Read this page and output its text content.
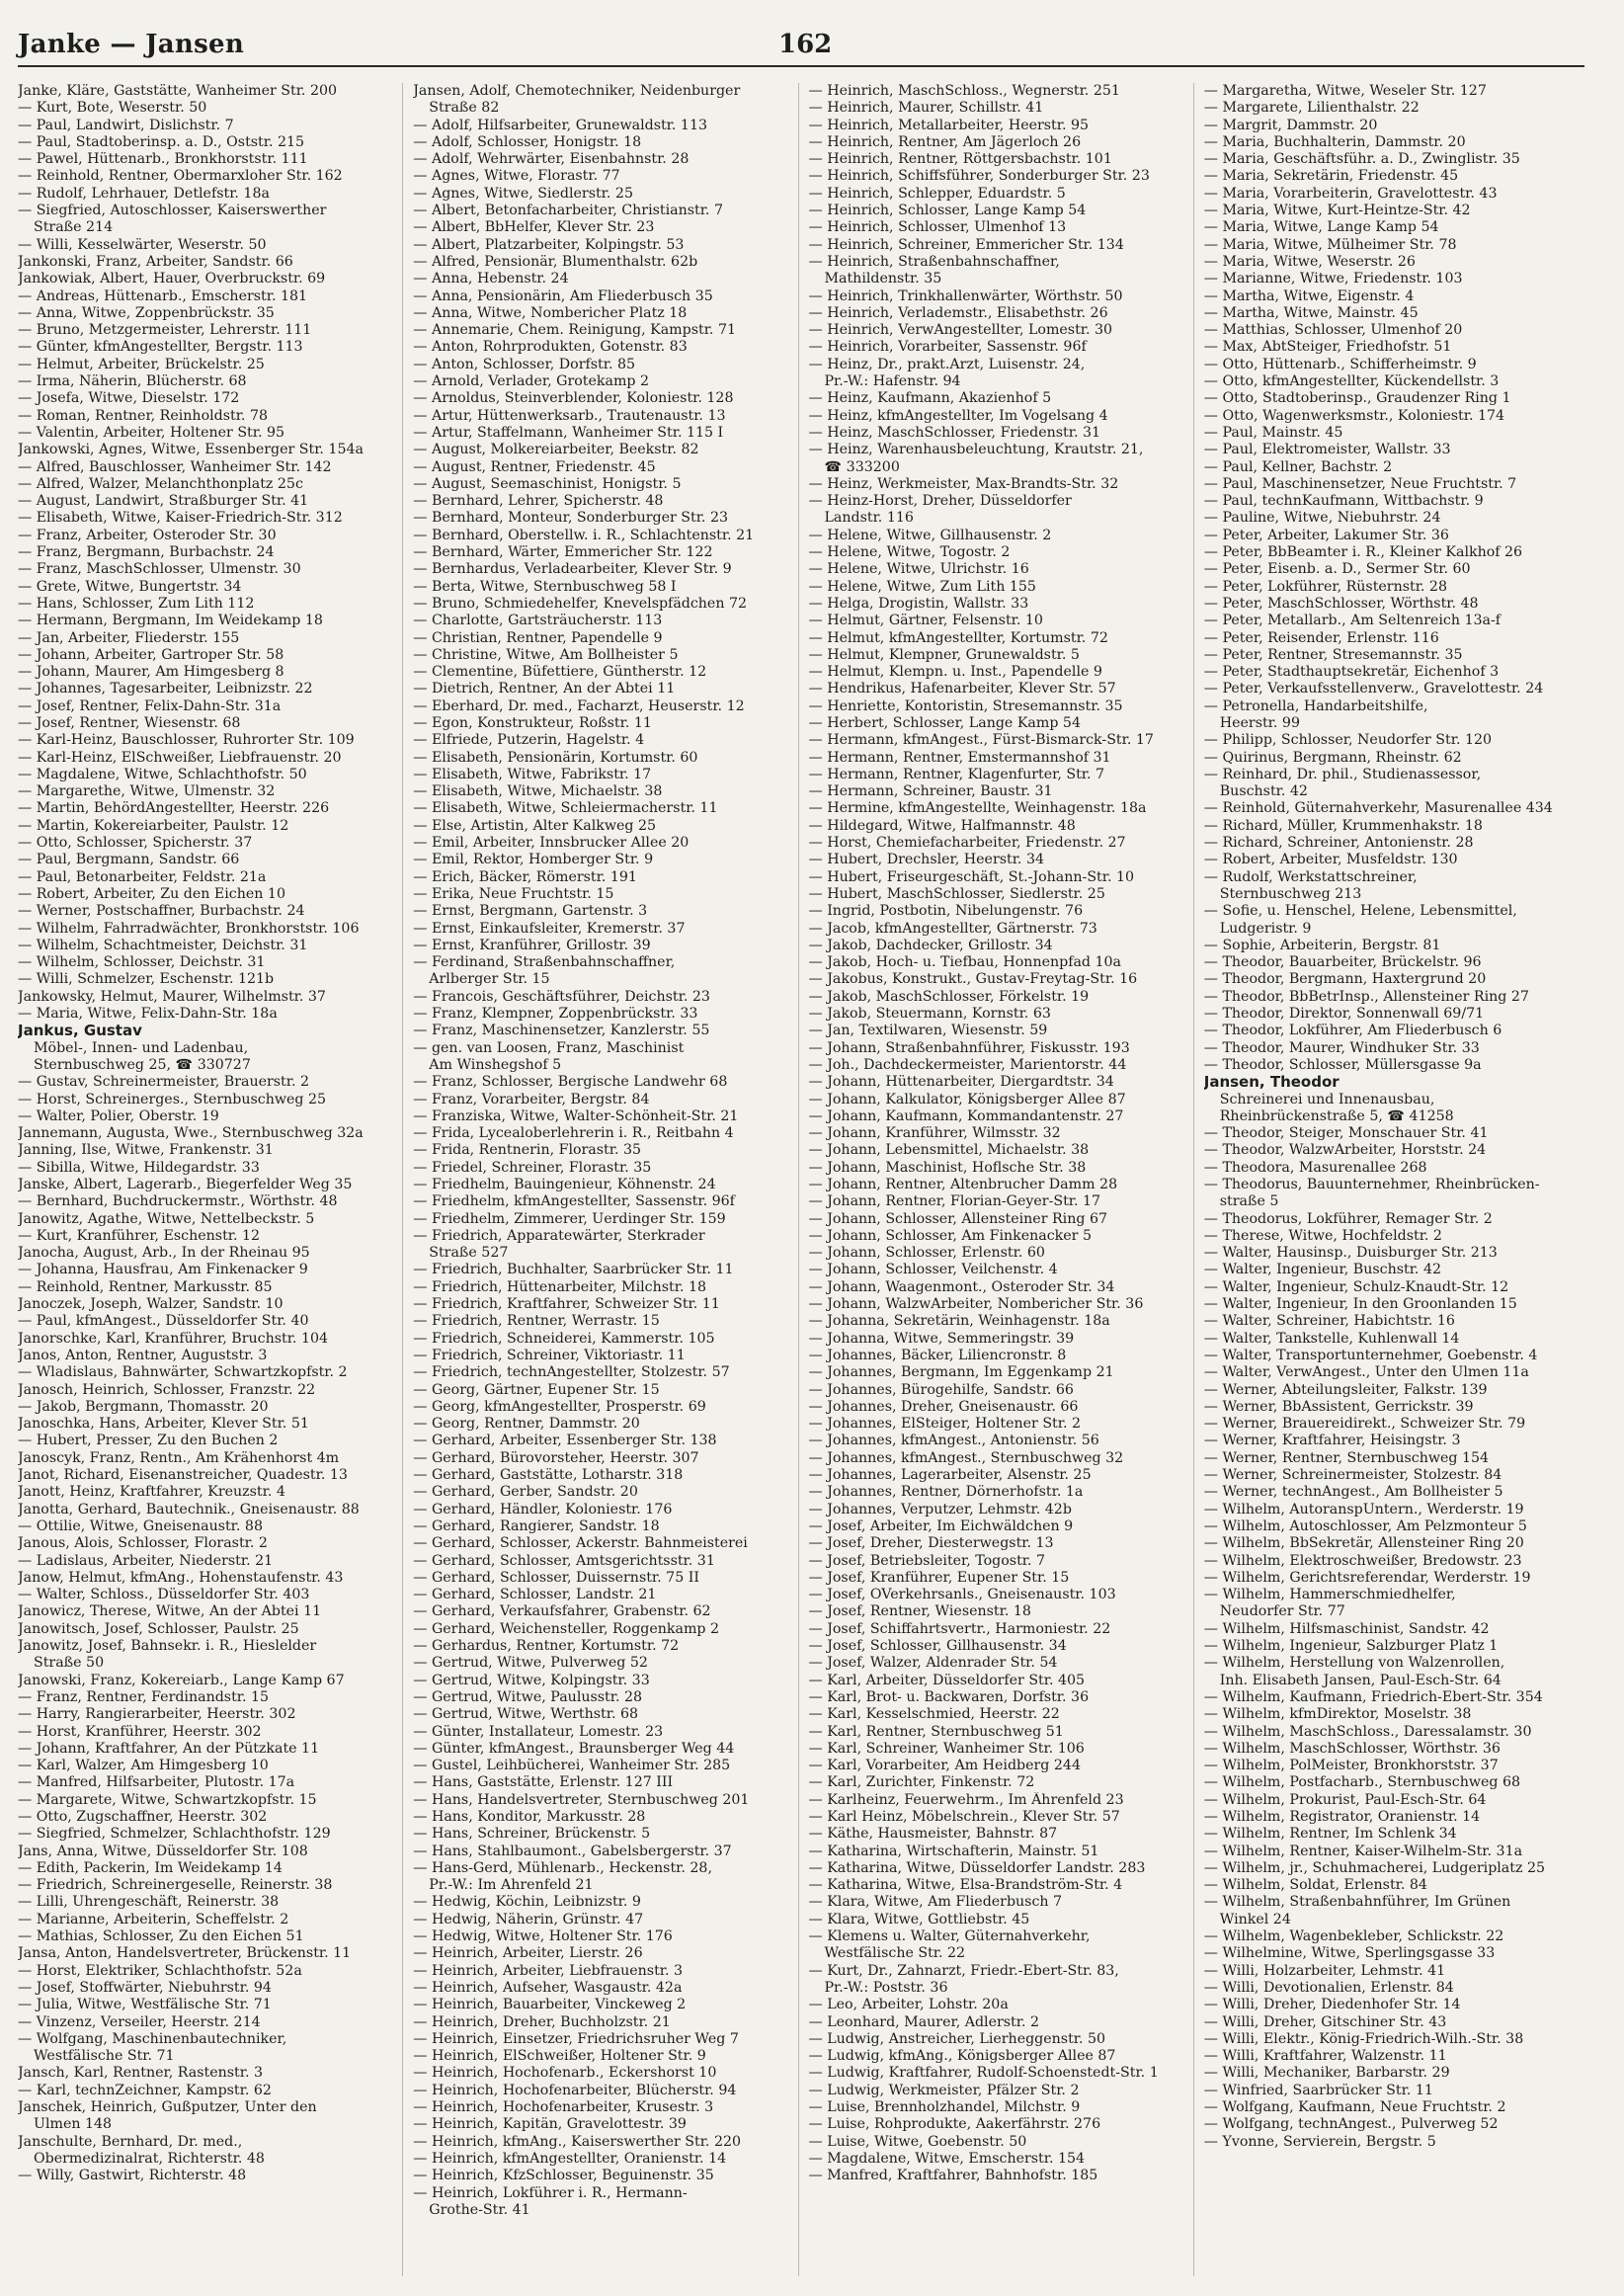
Janke — Jansen	162
Janke, Kläre, Gaststätte, Wanheimer Str. 200
— Kurt, Bote, Weserstr. 50
— Paul, Landwirt, Dislichstr. 7
— Paul, Stadtoberinsp. a. D., Oststr. 215
— Pawel, Hüttenarb., Bronkhorststr. 111
— Reinhold, Rentner, Obermarxloher Str. 162
— Rudolf, Lehrhauer, Detlefstr. 18a
— Siegfried, Autoschlosser, Kaiserswerther
Straße 214
— Willi, Kesselwärter, Weserstr. 50
Jankonski, Franz, Arbeiter, Sandstr. 66
Jankowiak, Albert, Hauer, Overbruckstr. 69
— Andreas, Hüttenarb., Emscherstr. 181
— Anna, Witwe, Zoppenbrückstr. 35
— Bruno, Metzgermeister, Lehrerstr. 111
— Günter, kfmAngestellter, Bergstr. 113
— Helmut, Arbeiter, Brückelstr. 25
— Irma, Näherin, Blücherstr. 68
— Josefa, Witwe, Dieselstr. 172
— Roman, Rentner, Reinholdstr. 78
— Valentin, Arbeiter, Holtener Str. 95
Jankowski, Agnes, Witwe, Essenberger Str. 154a
— Alfred, Bauschlosser, Wanheimer Str. 142
— Alfred, Walzer, Melanchthonplatz 25c
— August, Landwirt, Straßburger Str. 41
— Elisabeth, Witwe, Kaiser-Friedrich-Str. 312
— Franz, Arbeiter, Osteroder Str. 30
— Franz, Bergmann, Burbachstr. 24
— Franz, MaschSchlosser, Ulmenstr. 30
— Grete, Witwe, Bungertstr. 34
— Hans, Schlosser, Zum Lith 112
— Hermann, Bergmann, Im Weidekamp 18
— Jan, Arbeiter, Fliederstr. 155
— Johann, Arbeiter, Gartroper Str. 58
— Johann, Maurer, Am Himgesberg 8
— Johannes, Tagesarbeiter, Leibnizstr. 22
— Josef, Rentner, Felix-Dahn-Str. 31a
— Josef, Rentner, Wiesenstr. 68
— Karl-Heinz, Bauschlosser, Ruhrorter Str. 109
— Karl-Heinz, ElSchweißer, Liebfrauenstr. 20
— Magdalene, Witwe, Schlachthofstr. 50
— Margarethe, Witwe, Ulmenstr. 32
— Martin, BehördAngestellter, Heerstr. 226
— Martin, Kokereiarbeiter, Paulstr. 12
— Otto, Schlosser, Spicherstr. 37
— Paul, Bergmann, Sandstr. 66
— Paul, Betonarbeiter, Feldstr. 21a
— Robert, Arbeiter, Zu den Eichen 10
— Werner, Postschaffner, Burbachstr. 24
— Wilhelm, Fahrradwächter, Bronkhorststr. 106
— Wilhelm, Schachtmeister, Deichstr. 31
— Wilhelm, Schlosser, Deichstr. 31
— Willi, Schmelzer, Eschenstr. 121b
Jankowsky, Helmut, Maurer, Wilhelmstr. 37
— Maria, Witwe, Felix-Dahn-Str. 18a
Jankus, Gustav
Möbel-, Innen- und Ladenbau,
Sternbuschweg 25, ☎ 330727
— Gustav, Schreinermeister, Brauerstr. 2
— Horst, Schreinerges., Sternbuschweg 25
— Walter, Polier, Oberstr. 19
Jannemann, Augusta, Wwe., Sternbuschweg 32a
Janning, Ilse, Witwe, Frankenstr. 31
— Sibilla, Witwe, Hildegardstr. 33
Janske, Albert, Lagerarb., Biegerfelder Weg 35
— Bernhard, Buchdruckermstr., Wörthstr. 48
Janowitz, Agathe, Witwe, Nettelbeckstr. 5
— Kurt, Kranführer, Eschenstr. 12
Janocha, August, Arb., In der Rheinau 95
— Johanna, Hausfrau, Am Finkenacker 9
— Reinhold, Rentner, Markusstr. 85
Janoczek, Joseph, Walzer, Sandstr. 10
— Paul, kfmAngest., Düsseldorfer Str. 40
Janorschke, Karl, Kranführer, Bruchstr. 104
Janos, Anton, Rentner, Auguststr. 3
— Wladislaus, Bahnwärter, Schwartzkopfstr. 2
Janosch, Heinrich, Schlosser, Franzstr. 22
— Jakob, Bergmann, Thomasstr. 20
Janoschka, Hans, Arbeiter, Klever Str. 51
— Hubert, Presser, Zu den Buchen 2
Janoscyk, Franz, Rentn., Am Krähenhorst 4m
Janot, Richard, Eisenanstreicher, Quadestr. 13
Janott, Heinz, Kraftfahrer, Kreuzstr. 4
Janotta, Gerhard, Bautechnik., Gneisenaustr. 88
— Ottilie, Witwe, Gneisenaustr. 88
Janous, Alois, Schlosser, Florastr. 2
— Ladislaus, Arbeiter, Niederstr. 21
Janow, Helmut, kfmAng., Hohenstaufenstr. 43
— Walter, Schloss., Düsseldorfer Str. 403
Janowicz, Therese, Witwe, An der Abtei 11
Janowitsch, Josef, Schlosser, Paulstr. 25
Janowitz, Josef, Bahnsekr. i. R., Hieslelder
Straße 50
Janowski, Franz, Kokereiarb., Lange Kamp 67
— Franz, Rentner, Ferdinandstr. 15
— Harry, Rangierarbeiter, Heerstr. 302
— Horst, Kranführer, Heerstr. 302
— Johann, Kraftfahrer, An der Pützkate 11
— Karl, Walzer, Am Himgesberg 10
— Manfred, Hilfsarbeiter, Plutostr. 17a
— Margarete, Witwe, Schwartzkopfstr. 15
— Otto, Zugschaffner, Heerstr. 302
— Siegfried, Schmelzer, Schlachthofstr. 129
Jans, Anna, Witwe, Düsseldorfer Str. 108
— Edith, Packerin, Im Weidekamp 14
— Friedrich, Schreinergeselle, Reinerstr. 38
— Lilli, Uhrengeschäft, Reinerstr. 38
— Marianne, Arbeiterin, Scheffelstr. 2
— Mathias, Schlosser, Zu den Eichen 51
Jansa, Anton, Handelsvertreter, Brückenstr. 11
— Horst, Elektriker, Schlachthofstr. 52a
— Josef, Stoffwärter, Niebuhrstr. 94
— Julia, Witwe, Westfälische Str. 71
— Vinzenz, Verseiler, Heerstr. 214
— Wolfgang, Maschinenbautechniker,
Westfälische Str. 71
Jansch, Karl, Rentner, Rastenstr. 3
— Karl, technZeichner, Kampstr. 62
Janschek, Heinrich, Gußputzer, Unter den
Ulmen 148
Janschulte, Bernhard, Dr. med.,
Obermedizinalrat, Richterstr. 48
— Willy, Gastwirt, Richterstr. 48
Jansen, Adolf, Chemotechniker, Neidenburger
Straße 82
— Adolf, Hilfsarbeiter, Grunewaldstr. 113
— Adolf, Schlosser, Honigstr. 18
— Adolf, Wehrwärter, Eisenbahnstr. 28
— Agnes, Witwe, Florastr. 77
— Agnes, Witwe, Siedlerstr. 25
— Albert, Betonfacharbeiter, Christianstr. 7
— Albert, BbHelfer, Klever Str. 23
— Albert, Platzarbeiter, Kolpingstr. 53
— Alfred, Pensionär, Blumenthalstr. 62b
— Anna, Hebenstr. 24
— Anna, Pensionärin, Am Fliederbusch 35
— Anna, Witwe, Nombericher Platz 18
— Annemarie, Chem. Reinigung, Kampstr. 71
— Anton, Rohrprodukten, Gotenstr. 83
— Anton, Schlosser, Dorfstr. 85
— Arnold, Verlader, Grotekamp 2
— Arnoldus, Steinverblender, Koloniestr. 128
— Artur, Hüttenwerksarb., Trautenaustr. 13
— Artur, Staffelmann, Wanheimer Str. 115 I
— August, Molkereiarbeiter, Beekstr. 82
— August, Rentner, Friedenstr. 45
— August, Seemaschinist, Honigstr. 5
— Bernhard, Lehrer, Spicherstr. 48
— Bernhard, Monteur, Sonderburger Str. 23
— Bernhard, Oberstellw. i. R., Schlachtenstr. 21
— Bernhard, Wärter, Emmericher Str. 122
— Bernhardus, Verladearbeiter, Klever Str. 9
— Berta, Witwe, Sternbuschweg 58 I
— Bruno, Schmiedehelfer, Knevelspfädchen 72
— Charlotte, Gartsträucherstr. 113
— Christian, Rentner, Papendelle 9
— Christine, Witwe, Am Bollheister 5
— Clementine, Büfettiere, Güntherstr. 12
— Dietrich, Rentner, An der Abtei 11
— Eberhard, Dr. med., Facharzt, Heuserstr. 12
— Egon, Konstrukteur, Roßstr. 11
— Elfriede, Putzerin, Hagelstr. 4
— Elisabeth, Pensionärin, Kortumstr. 60
— Elisabeth, Witwe, Fabrikstr. 17
— Elisabeth, Witwe, Michaelstr. 38
— Elisabeth, Witwe, Schleiermacherstr. 11
— Else, Artistin, Alter Kalkweg 25
— Emil, Arbeiter, Innsbrucker Allee 20
— Emil, Rektor, Homberger Str. 9
— Erich, Bäcker, Römerstr. 191
— Erika, Neue Fruchtstr. 15
— Ernst, Bergmann, Gartenstr. 3
— Ernst, Einkaufsleiter, Kremerstr. 37
— Ernst, Kranführer, Grillostr. 39
— Ferdinand, Straßenbahnschaffner,
Arlberger Str. 15
— Francois, Geschäftsführer, Deichstr. 23
— Franz, Klempner, Zoppenbrückstr. 33
— Franz, Maschinensetzer, Kanzlerstr. 55
— gen. van Loosen, Franz, Maschinist
Am Winshegshof 5
— Franz, Schlosser, Bergische Landwehr 68
— Franz, Vorarbeiter, Bergstr. 84
— Franziska, Witwe, Walter-Schönheit-Str. 21
— Frida, Lycealoberlehrerin i. R., Reitbahn 4
— Frida, Rentnerin, Florastr. 35
— Friedel, Schreiner, Florastr. 35
— Friedhelm, Bauingenieur, Köhnenstr. 24
— Friedhelm, kfmAngestellter, Sassenstr. 96f
— Friedhelm, Zimmerer, Uerdinger Str. 159
— Friedrich, Apparatewärter, Sterkrader
Straße 527
— Friedrich, Buchhalter, Saarbrücker Str. 11
— Friedrich, Hüttenarbeiter, Milchstr. 18
— Friedrich, Kraftfahrer, Schweizer Str. 11
— Friedrich, Rentner, Werrastr. 15
— Friedrich, Schneiderei, Kammerstr. 105
— Friedrich, Schreiner, Viktoriastr. 11
— Friedrich, technAngestellter, Stolzestr. 57
— Georg, Gärtner, Eupener Str. 15
— Georg, kfmAngestellter, Prosperstr. 69
— Georg, Rentner, Dammstr. 20
— Gerhard, Arbeiter, Essenberger Str. 138
— Gerhard, Bürovorsteher, Heerstr. 307
— Gerhard, Gaststätte, Lotharstr. 318
— Gerhard, Gerber, Sandstr. 20
— Gerhard, Händler, Koloniestr. 176
— Gerhard, Rangierer, Sandstr. 18
— Gerhard, Schlosser, Ackerstr. Bahnmeisterei
— Gerhard, Schlosser, Amtsgerichtsstr. 31
— Gerhard, Schlosser, Duissernstr. 75 II
— Gerhard, Schlosser, Landstr. 21
— Gerhard, Verkaufsfahrer, Grabenstr. 62
— Gerhard, Weichensteller, Roggenkamp 2
— Gerhardus, Rentner, Kortumstr. 72
— Gertrud, Witwe, Pulverweg 52
— Gertrud, Witwe, Kolpingstr. 33
— Gertrud, Witwe, Paulusstr. 28
— Gertrud, Witwe, Werthstr. 68
— Günter, Installateur, Lomestr. 23
— Günter, kfmAngest., Braunsberger Weg 44
— Gustel, Leihbücherei, Wanheimer Str. 285
— Hans, Gaststätte, Erlenstr. 127 III
— Hans, Handelsvertreter, Sternbuschweg 201
— Hans, Konditor, Markusstr. 28
— Hans, Schreiner, Brückenstr. 5
— Hans, Stahlbaumont., Gabelsbergerstr. 37
— Hans-Gerd, Mühlenarb., Heckenstr. 28,
Pr.-W.: Im Ahrenfeld 21
— Hedwig, Köchin, Leibnizstr. 9
— Hedwig, Näherin, Grünstr. 47
— Hedwig, Witwe, Holtener Str. 176
— Heinrich, Arbeiter, Lierstr. 26
— Heinrich, Arbeiter, Liebfrauenstr. 3
— Heinrich, Aufseher, Wasgaustr. 42a
— Heinrich, Bauarbeiter, Vinckeweg 2
— Heinrich, Dreher, Buchholzstr. 21
— Heinrich, Einsetzer, Friedrichsruher Weg 7
— Heinrich, ElSchweißer, Holtener Str. 9
— Heinrich, Hochofenarb., Eckershorst 10
— Heinrich, Hochofenarbeiter, Blücherstr. 94
— Heinrich, Hochofenarbeiter, Krusestr. 3
— Heinrich, Kapitän, Gravelottestr. 39
— Heinrich, kfmAng., Kaiserswerther Str. 220
— Heinrich, kfmAngestellter, Oranienstr. 14
— Heinrich, KfzSchlosser, Beguinenstr. 35
— Heinrich, Lokführer i. R., Hermann-
Grothe-Str. 41
— Heinrich, MaschSchloss., Wegnerstr. 251
— Heinrich, Maurer, Schillstr. 41
— Heinrich, Metallarbeiter, Heerstr. 95
— Heinrich, Rentner, Am Jägerloch 26
— Heinrich, Rentner, Röttgersbachstr. 101
— Heinrich, Schiffsführer, Sonderburger Str. 23
— Heinrich, Schlepper, Eduardstr. 5
— Heinrich, Schlosser, Lange Kamp 54
— Heinrich, Schlosser, Ulmenhof 13
— Heinrich, Schreiner, Emmericher Str. 134
— Heinrich, Straßenbahnschaffner,
Mathildenstr. 35
— Heinrich, Trinkhallenwärter, Wörthstr. 50
— Heinrich, Verlademstr., Elisabethstr. 26
— Heinrich, VerwAngestellter, Lomestr. 30
— Heinrich, Vorarbeiter, Sassenstr. 96f
— Heinz, Dr., prakt.Arzt, Luisenstr. 24,
Pr.-W.: Hafenstr. 94
— Heinz, Kaufmann, Akazienhof 5
— Heinz, kfmAngestellter, Im Vogelsang 4
— Heinz, MaschSchlosser, Friedenstr. 31
— Heinz, Warenhausbeleuchtung, Krautstr. 21,
☎ 333200
— Heinz, Werkmeister, Max-Brandts-Str. 32
— Heinz-Horst, Dreher, Düsseldorfer
Landstr. 116
— Helene, Witwe, Gillhausenstr. 2
— Helene, Witwe, Togostr. 2
— Helene, Witwe, Ulrichstr. 16
— Helene, Witwe, Zum Lith 155
— Helga, Drogistin, Wallstr. 33
— Helmut, Gärtner, Felsenstr. 10
— Helmut, kfmAngestellter, Kortumstr. 72
— Helmut, Klempner, Grunewaldstr. 5
— Helmut, Klempn. u. Inst., Papendelle 9
— Hendrikus, Hafenarbeiter, Klever Str. 57
— Henriette, Kontoristin, Stresemannstr. 35
— Herbert, Schlosser, Lange Kamp 54
— Hermann, kfmAngest., Fürst-Bismarck-Str. 17
— Hermann, Rentner, Emstermannshof 31
— Hermann, Rentner, Klagenfurter, Str. 7
— Hermann, Schreiner, Baustr. 31
— Hermine, kfmAngestellte, Weinhagenstr. 18a
— Hildegard, Witwe, Halfmannstr. 48
— Horst, Chemiefacharbeiter, Friedenstr. 27
— Hubert, Drechsler, Heerstr. 34
— Hubert, Friseurgeschäft, St.-Johann-Str. 10
— Hubert, MaschSchlosser, Siedlerstr. 25
— Ingrid, Postbotin, Nibelungenstr. 76
— Jacob, kfmAngestellter, Gärtnerstr. 73
— Jakob, Dachdecker, Grillostr. 34
— Jakob, Hoch- u. Tiefbau, Honnenpfad 10a
— Jakobus, Konstrukt., Gustav-Freytag-Str. 16
— Jakob, MaschSchlosser, Förkelstr. 19
— Jakob, Steuermann, Kornstr. 63
— Jan, Textilwaren, Wiesenstr. 59
— Johann, Straßenbahnführer, Fiskusstr. 193
— Joh., Dachdeckermeister, Marientorstr. 44
— Johann, Hüttenarbeiter, Diergardtstr. 34
— Johann, Kalkulator, Königsberger Allee 87
— Johann, Kaufmann, Kommandantenstr. 27
— Johann, Kranführer, Wilmsstr. 32
— Johann, Lebensmittel, Michaelstr. 38
— Johann, Maschinist, Hoflsche Str. 38
— Johann, Rentner, Altenbrucher Damm 28
— Johann, Rentner, Florian-Geyer-Str. 17
— Johann, Schlosser, Allensteiner Ring 67
— Johann, Schlosser, Am Finkenacker 5
— Johann, Schlosser, Erlenstr. 60
— Johann, Schlosser, Veilchenstr. 4
— Johann, Waagenmont., Osteroder Str. 34
— Johann, WalzwArbeiter, Nombericher Str. 36
— Johanna, Sekretärin, Weinhagenstr. 18a
— Johanna, Witwe, Semmeringstr. 39
— Johannes, Bäcker, Liliencronstr. 8
— Johannes, Bergmann, Im Eggenkamp 21
— Johannes, Bürogehilfe, Sandstr. 66
— Johannes, Dreher, Gneisenaustr. 66
— Johannes, ElSteiger, Holtener Str. 2
— Johannes, kfmAngest., Antonienstr. 56
— Johannes, kfmAngest., Sternbuschweg 32
— Johannes, Lagerarbeiter, Alsenstr. 25
— Johannes, Rentner, Dörnerhofstr. 1a
— Johannes, Verputzer, Lehmstr. 42b
— Josef, Arbeiter, Im Eichwäldchen 9
— Josef, Dreher, Diesterwegstr. 13
— Josef, Betriebsleiter, Togostr. 7
— Josef, Kranführer, Eupener Str. 15
— Josef, OVerkehrsanls., Gneisenaustr. 103
— Josef, Rentner, Wiesenstr. 18
— Josef, Schiffahrtsvertr., Harmoniestr. 22
— Josef, Schlosser, Gillhausenstr. 34
— Josef, Walzer, Aldenrader Str. 54
— Karl, Arbeiter, Düsseldorfer Str. 405
— Karl, Brot- u. Backwaren, Dorfstr. 36
— Karl, Kesselschmied, Heerstr. 22
— Karl, Rentner, Sternbuschweg 51
— Karl, Schreiner, Wanheimer Str. 106
— Karl, Vorarbeiter, Am Heidberg 244
— Karl, Zurichter, Finkenstr. 72
— Karlheinz, Feuerwehrm., Im Ährenfeld 23
— Karl Heinz, Möbelschrein., Klever Str. 57
— Käthe, Hausmeister, Bahnstr. 87
— Katharina, Wirtschafterin, Mainstr. 51
— Katharina, Witwe, Düsseldorfer Landstr. 283
— Katharina, Witwe, Elsa-Brandström-Str. 4
— Klara, Witwe, Am Fliederbusch 7
— Klara, Witwe, Gottliebstr. 45
— Klemens u. Walter, Güternahverkehr,
Westfälische Str. 22
— Kurt, Dr., Zahnarzt, Friedr.-Ebert-Str. 83,
Pr.-W.: Poststr. 36
— Leo, Arbeiter, Lohstr. 20a
— Leonhard, Maurer, Adlerstr. 2
— Ludwig, Anstreicher, Lierheggenstr. 50
— Ludwig, kfmAng., Königsberger Allee 87
— Ludwig, Kraftfahrer, Rudolf-Schoenstedt-Str. 1
— Ludwig, Werkmeister, Pfälzer Str. 2
— Luise, Brennholzhandel, Milchstr. 9
— Luise, Rohprodukte, Aakerfährstr. 276
— Luise, Witwe, Goebenstr. 50
— Magdalene, Witwe, Emscherstr. 154
— Manfred, Kraftfahrer, Bahnhofstr. 185
— Margaretha, Witwe, Weseler Str. 127
— Margarete, Lilienthalstr. 22
— Margrit, Dammstr. 20
— Maria, Buchhalterin, Dammstr. 20
— Maria, Geschäftsführ. a. D., Zwinglistr. 35
— Maria, Sekretärin, Friedenstr. 45
— Maria, Vorarbeiterin, Gravelottestr. 43
— Maria, Witwe, Kurt-Heintze-Str. 42
— Maria, Witwe, Lange Kamp 54
— Maria, Witwe, Mülheimer Str. 78
— Maria, Witwe, Weserstr. 26
— Marianne, Witwe, Friedenstr. 103
— Martha, Witwe, Eigenstr. 4
— Martha, Witwe, Mainstr. 45
— Matthias, Schlosser, Ulmenhof 20
— Max, AbtSteiger, Friedhofstr. 51
— Otto, Hüttenarb., Schifferheimstr. 9
— Otto, kfmAngestellter, Kückendellstr. 3
— Otto, Stadtoberinsp., Graudenzer Ring 1
— Otto, Wagenwerksmstr., Koloniestr. 174
— Paul, Mainstr. 45
— Paul, Elektromeister, Wallstr. 33
— Paul, Kellner, Bachstr. 2
— Paul, Maschinensetzer, Neue Fruchtstr. 7
— Paul, technKaufmann, Wittbachstr. 9
— Pauline, Witwe, Niebuhrstr. 24
— Peter, Arbeiter, Lakumer Str. 36
— Peter, BbBeamter i. R., Kleiner Kalkhof 26
— Peter, Eisenb. a. D., Sermer Str. 60
— Peter, Lokführer, Rüsternstr. 28
— Peter, MaschSchlosser, Wörthstr. 48
— Peter, Metallarb., Am Seltenreich 13a-f
— Peter, Reisender, Erlenstr. 116
— Peter, Rentner, Stresemannstr. 35
— Peter, Stadthauptsekretär, Eichenhof 3
— Peter, Verkaufsstellenverw., Gravelottestr. 24
— Petronella, Handarbeitshilfe,
Heerstr. 99
— Philipp, Schlosser, Neudorfer Str. 120
— Quirinus, Bergmann, Rheinstr. 62
— Reinhard, Dr. phil., Studienassessor,
Buschstr. 42
— Reinhold, Güternahverkehr, Masurenallee 434
— Richard, Müller, Krummenhakstr. 18
— Richard, Schreiner, Antonienstr. 28
— Robert, Arbeiter, Musfeldstr. 130
— Rudolf, Werkstattschreiner,
Sternbuschweg 213
— Sofie, u. Henschel, Helene, Lebensmittel,
Ludgeristr. 9
— Sophie, Arbeiterin, Bergstr. 81
— Theodor, Bauarbeiter, Brückelstr. 96
— Theodor, Bergmann, Haxtergrund 20
— Theodor, BbBetrInsp., Allensteiner Ring 27
— Theodor, Direktor, Sonnenwall 69/71
— Theodor, Lokführer, Am Fliederbusch 6
— Theodor, Maurer, Windhuker Str. 33
— Theodor, Schlosser, Müllersgasse 9a
Jansen, Theodor
Schreinerei und Innenausbau,
Rheinbrückenstraße 5, ☎ 41258
— Theodor, Steiger, Monschauer Str. 41
— Theodor, WalzwArbeiter, Horststr. 24
— Theodora, Masurenallee 268
— Theodorus, Bauunternehmer, Rheinbrücken-
straße 5
— Theodorus, Lokführer, Remager Str. 2
— Therese, Witwe, Hochfeldstr. 2
— Walter, Hausinsp., Duisburger Str. 213
— Walter, Ingenieur, Buschstr. 42
— Walter, Ingenieur, Schulz-Knaudt-Str. 12
— Walter, Ingenieur, In den Groonlanden 15
— Walter, Schreiner, Habichtstr. 16
— Walter, Tankstelle, Kuhlenwall 14
— Walter, Transportunternehmer, Goebenstr. 4
— Walter, VerwAngest., Unter den Ulmen 11a
— Werner, Abteilungsleiter, Falkstr. 139
— Werner, BbAssistent, Gerrickstr. 39
— Werner, Brauereidirekt., Schweizer Str. 79
— Werner, Kraftfahrer, Heisingstr. 3
— Werner, Rentner, Sternbuschweg 154
— Werner, Schreinermeister, Stolzestr. 84
— Werner, technAngest., Am Bollheister 5
— Wilhelm, AutoranspUntern., Werderstr. 19
— Wilhelm, Autoschlosser, Am Pelzmonteur 5
— Wilhelm, BbSekretär, Allensteiner Ring 20
— Wilhelm, Elektroschweißer, Bredowstr. 23
— Wilhelm, Gerichtsreferendar, Werderstr. 19
— Wilhelm, Hammerschmiedhelfer,
Neudorfer Str. 77
— Wilhelm, Hilfsmaschinist, Sandstr. 42
— Wilhelm, Ingenieur, Salzburger Platz 1
— Wilhelm, Herstellung von Walzenrollen,
Inh. Elisabeth Jansen, Paul-Esch-Str. 64
— Wilhelm, Kaufmann, Friedrich-Ebert-Str. 354
— Wilhelm, kfmDirektor, Moselstr. 38
— Wilhelm, MaschSchloss., Daressalamstr. 30
— Wilhelm, MaschSchlosser, Wörthstr. 36
— Wilhelm, PolMeister, Bronkhorststr. 37
— Wilhelm, Postfacharb., Sternbuschweg 68
— Wilhelm, Prokurist, Paul-Esch-Str. 64
— Wilhelm, Registrator, Oranienstr. 14
— Wilhelm, Rentner, Im Schlenk 34
— Wilhelm, Rentner, Kaiser-Wilhelm-Str. 31a
— Wilhelm, jr., Schuhmacherei, Ludgeriplatz 25
— Wilhelm, Soldat, Erlenstr. 84
— Wilhelm, Straßenbahnführer, Im Grünen
Winkel 24
— Wilhelm, Wagenbekleber, Schlickstr. 22
— Wilhelmine, Witwe, Sperlingsgasse 33
— Willi, Holzarbeiter, Lehmstr. 41
— Willi, Devotionalien, Erlenstr. 84
— Willi, Dreher, Diedenhofer Str. 14
— Willi, Dreher, Gitschiner Str. 43
— Willi, Elektr., König-Friedrich-Wilh.-Str. 38
— Willi, Kraftfahrer, Walzenstr. 11
— Willi, Mechaniker, Barbarstr. 29
— Winfried, Saarbrücker Str. 11
— Wolfgang, Kaufmann, Neue Fruchtstr. 2
— Wolfgang, technAngest., Pulverweg 52
— Yvonne, Servierein, Bergstr. 5
